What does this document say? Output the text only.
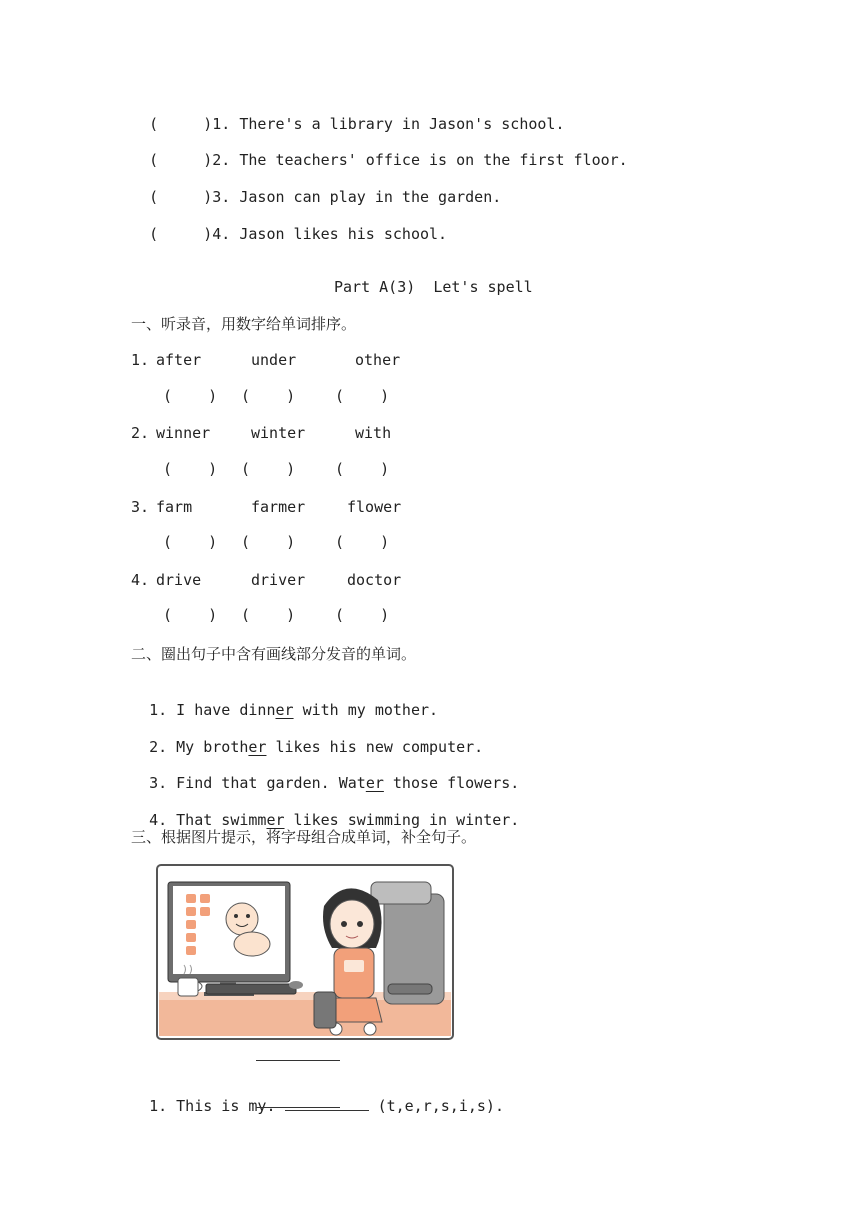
(     )1. There's a library in Jason's school.

(     )2. The teachers' office is on the first floor.

(     )3. Jason can play in the garden.

(     )4. Jason likes his school.

Part A(3)  Let's spell
一、听录音，用数字给单词排序。
1. after	under	other
(    ) (    )	(    )
2. winner	winter	with
(    ) (    )	(    )
3. farm	farmer	flower
(    ) (    )	(    )
4. drive	driver	doctor
(    ) (    )	(    )
二、圈出句子中含有画线部分发音的单词。

1. I have dinner with my mother.

2. My brother likes his new computer.

3. Find that garden. Water those flowers.

4. That swimmer likes swimming in winter.

三、根据图片提示，将字母组合成单词，补全句子。

1. This is my.	(t,e,r,s,i,s).
